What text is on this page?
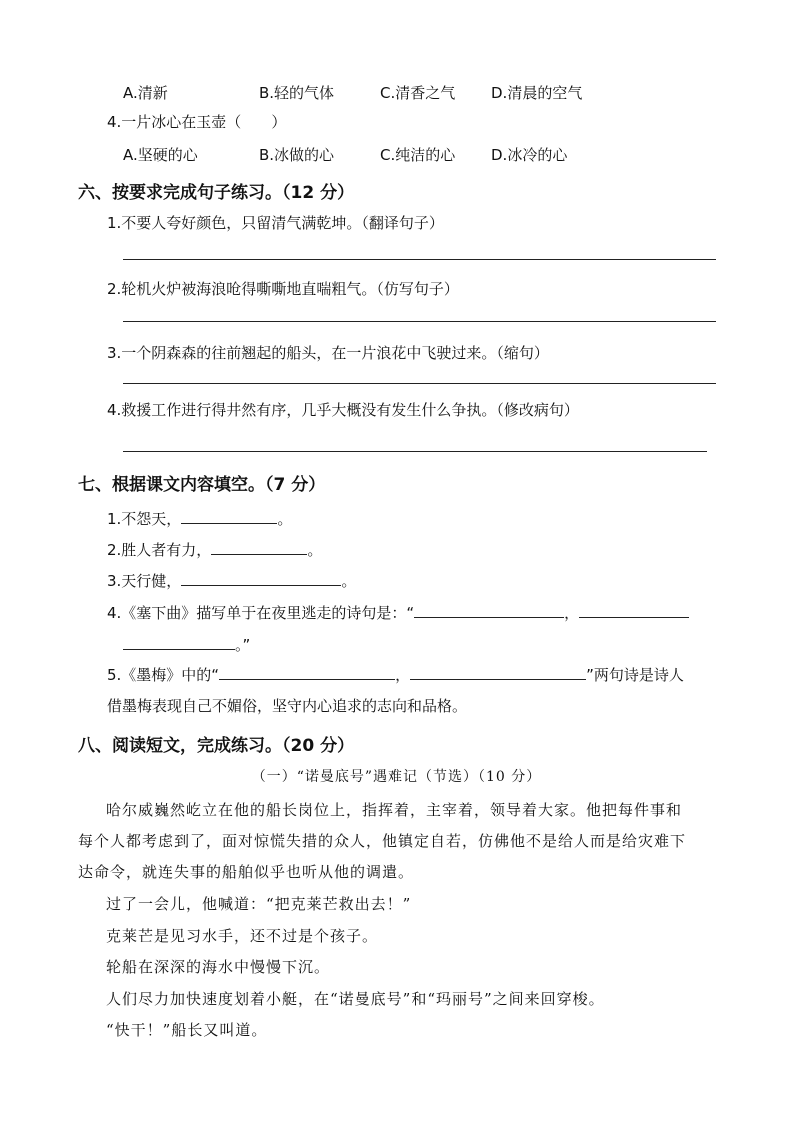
A.清新	B.轻的气体	C.清香之气 D.清晨的空气
4.一片冰心在玉壶（　　）
A.坚硬的心	B.冰做的心	C.纯洁的心 D.冰冷的心
六、按要求完成句子练习。（12 分）
1.不要人夸好颜色，只留清气满乾坤。（翻译句子）
2.轮机火炉被海浪呛得嘶嘶地直喘粗气。（仿写句子）
3.一个阴森森的往前翘起的船头，在一片浪花中飞驶过来。（缩句）
4.救援工作进行得井然有序，几乎大概没有发生什么争执。（修改病句）
七、根据课文内容填空。（7 分）
1.不怨天，	。
2.胜人者有力，	。
3.天行健，	。
4.《塞下曲》描写单于在夜里逃走的诗句是：“	，
。”
5.《墨梅》中的“	，	”两句诗是诗人
借墨梅表现自己不媚俗，坚守内心追求的志向和品格。
八、阅读短文，完成练习。（20 分）
（一）“诺曼底号”遇难记（节选）（10 分）
哈尔威巍然屹立在他的船长岗位上，指挥着，主宰着，领导着大家。他把每件事和
每个人都考虑到了，面对惊慌失措的众人，他镇定自若，仿佛他不是给人而是给灾难下
达命令，就连失事的船舶似乎也听从他的调遣。
过了一会儿，他喊道：“把克莱芒救出去！”
克莱芒是见习水手，还不过是个孩子。
轮船在深深的海水中慢慢下沉。
人们尽力加快速度划着小艇，在“诺曼底号”和“玛丽号”之间来回穿梭。
“快干！”船长又叫道。
